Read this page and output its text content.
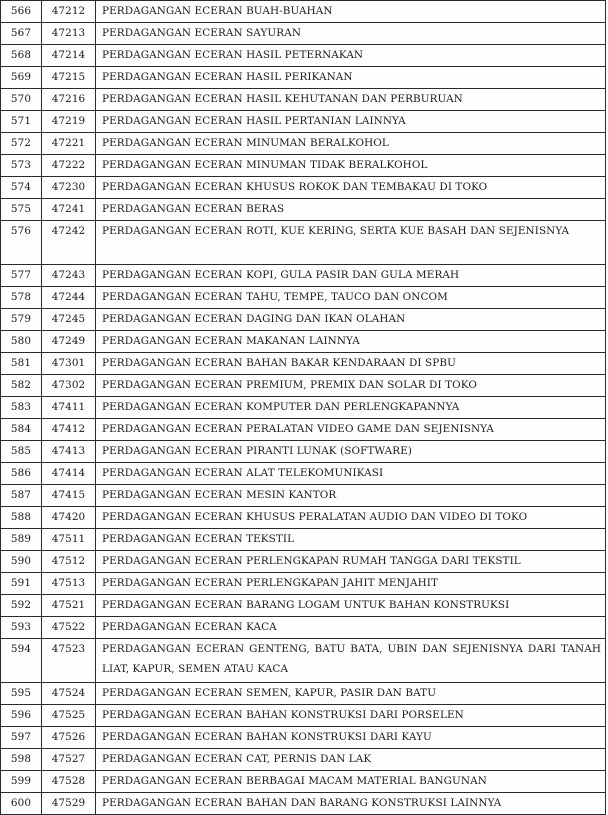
566	47212	PERDAGANGAN ECERAN BUAH-BUAHAN
567	47213	PERDAGANGAN ECERAN SAYURAN
568	47214	PERDAGANGAN ECERAN HASIL PETERNAKAN
569	47215	PERDAGANGAN ECERAN HASIL PERIKANAN
570	47216	PERDAGANGAN ECERAN HASIL KEHUTANAN DAN PERBURUAN
571	47219	PERDAGANGAN ECERAN HASIL PERTANIAN LAINNYA
572	47221	PERDAGANGAN ECERAN MINUMAN BERALKOHOL
573	47222	PERDAGANGAN ECERAN MINUMAN TIDAK BERALKOHOL
574	47230	PERDAGANGAN ECERAN KHUSUS ROKOK DAN TEMBAKAU DI TOKO
575	47241	PERDAGANGAN ECERAN BERAS
576	47242	PERDAGANGAN ECERAN ROTI, KUE KERING, SERTA KUE BASAH DAN SEJENISNYA
577	47243	PERDAGANGAN ECERAN KOPI, GULA PASIR DAN GULA MERAH
578	47244	PERDAGANGAN ECERAN TAHU, TEMPE, TAUCO DAN ONCOM
579	47245	PERDAGANGAN ECERAN DAGING DAN IKAN OLAHAN
580	47249	PERDAGANGAN ECERAN MAKANAN LAINNYA
581	47301	PERDAGANGAN ECERAN BAHAN BAKAR KENDARAAN DI SPBU
582	47302	PERDAGANGAN ECERAN PREMIUM, PREMIX DAN SOLAR DI TOKO
583	47411	PERDAGANGAN ECERAN KOMPUTER DAN PERLENGKAPANNYA
584	47412	PERDAGANGAN ECERAN PERALATAN VIDEO GAME DAN SEJENISNYA
585	47413	PERDAGANGAN ECERAN PIRANTI LUNAK (SOFTWARE)
586	47414	PERDAGANGAN ECERAN ALAT TELEKOMUNIKASI
587	47415	PERDAGANGAN ECERAN MESIN KANTOR
588	47420	PERDAGANGAN ECERAN KHUSUS PERALATAN AUDIO DAN VIDEO DI TOKO
589	47511	PERDAGANGAN ECERAN TEKSTIL
590	47512	PERDAGANGAN ECERAN PERLENGKAPAN RUMAH TANGGA DARI TEKSTIL
591	47513	PERDAGANGAN ECERAN PERLENGKAPAN JAHIT MENJAHIT
592	47521	PERDAGANGAN ECERAN BARANG LOGAM UNTUK BAHAN KONSTRUKSI
593	47522	PERDAGANGAN ECERAN KACA
594	47523	PERDAGANGAN ECERAN GENTENG, BATU BATA, UBIN DAN SEJENISNYA DARI TANAH LIAT, KAPUR, SEMEN ATAU KACA
595	47524	PERDAGANGAN ECERAN SEMEN, KAPUR, PASIR DAN BATU
596	47525	PERDAGANGAN ECERAN BAHAN KONSTRUKSI DARI PORSELEN
597	47526	PERDAGANGAN ECERAN BAHAN KONSTRUKSI DARI KAYU
598	47527	PERDAGANGAN ECERAN CAT, PERNIS DAN LAK
599	47528	PERDAGANGAN ECERAN BERBAGAI MACAM MATERIAL BANGUNAN
600	47529	PERDAGANGAN ECERAN BAHAN DAN BARANG KONSTRUKSI LAINNYA
